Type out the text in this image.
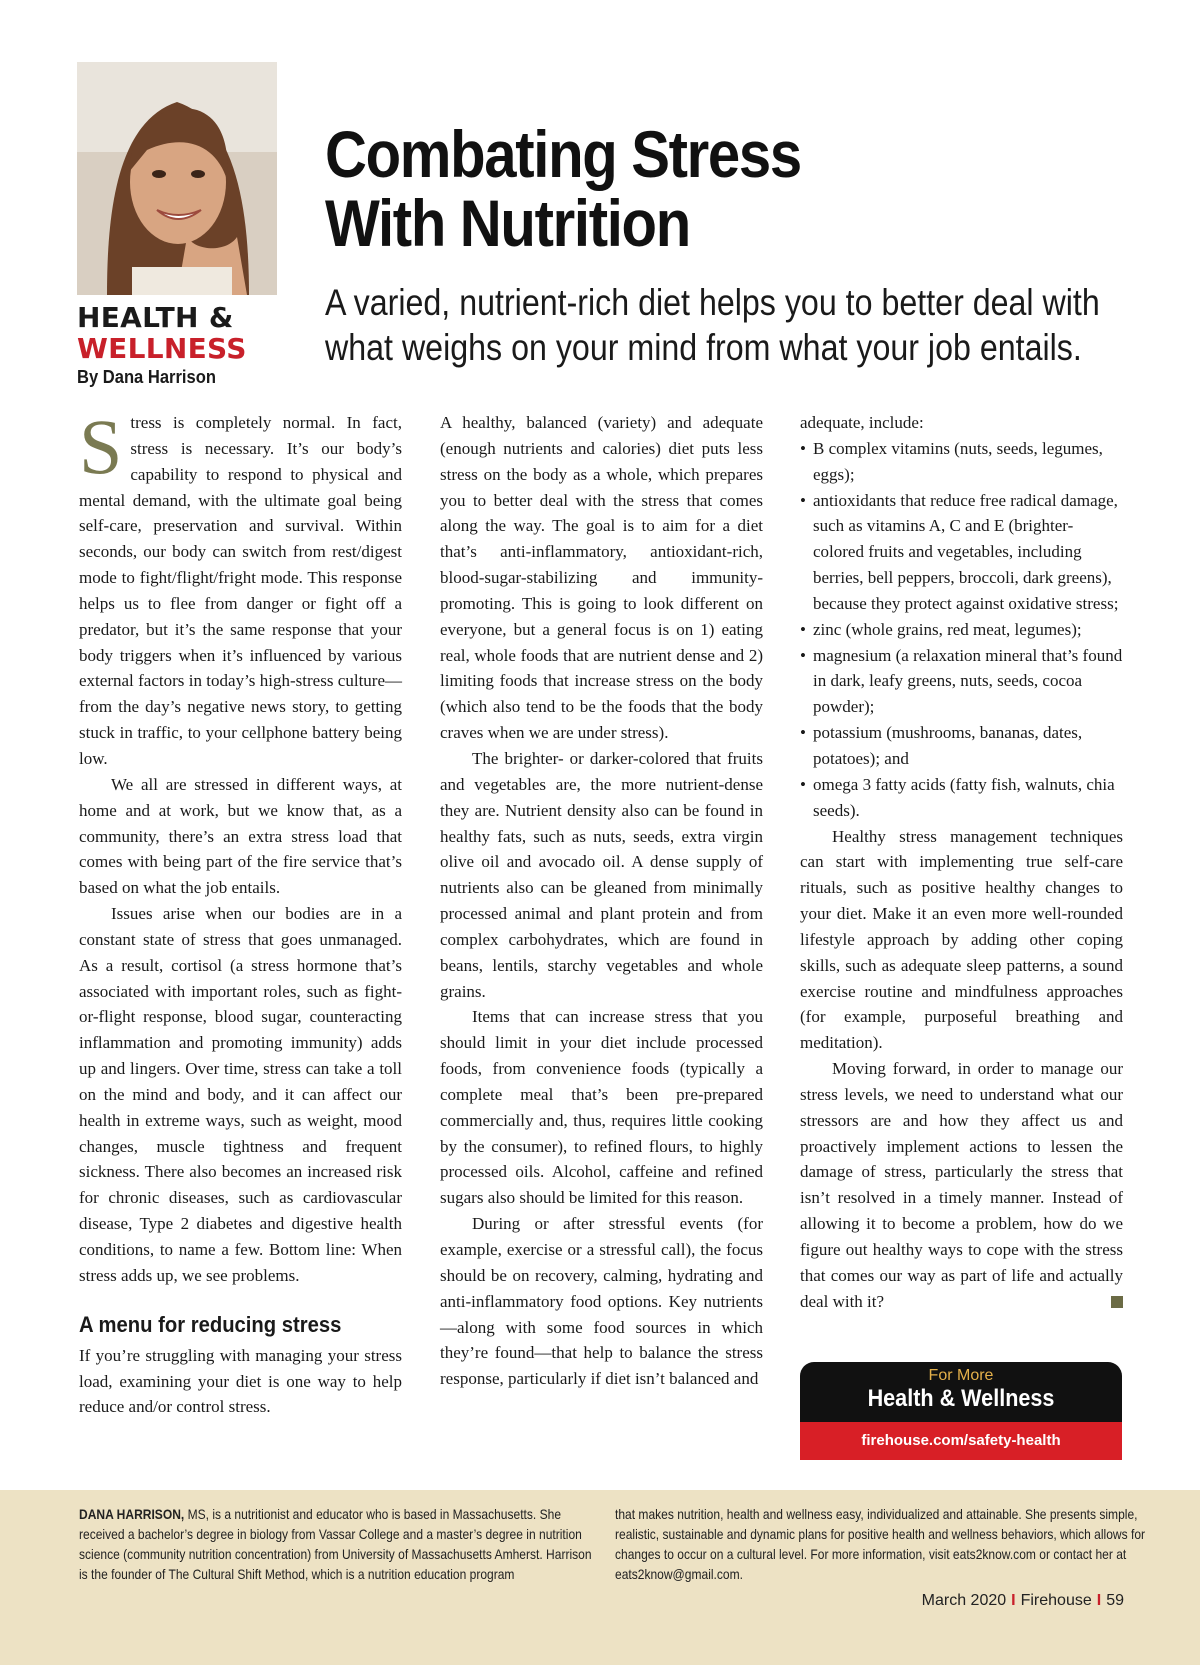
HEALTH &
WELLNESS
By Dana Harrison
Combating Stress
With Nutrition
A varied, nutrient-rich diet helps you to better deal with what weighs on your mind from what your job entails.

Stress is completely normal. In fact, stress is necessary. It’s our body’s capability to respond to physical and mental demand, with the ultimate goal being self-care, preservation and survival. Within seconds, our body can switch from rest/digest mode to fight/flight/fright mode. This response helps us to flee from danger or fight off a predator, but it’s the same response that your body triggers when it’s influenced by various external factors in today’s high-stress culture—from the day’s negative news story, to getting stuck in traffic, to your cellphone battery being low.

We all are stressed in different ways, at home and at work, but we know that, as a community, there’s an extra stress load that comes with being part of the fire service that’s based on what the job entails.

Issues arise when our bodies are in a constant state of stress that goes unmanaged. As a result, cortisol (a stress hormone that’s associated with important roles, such as fight-or-flight response, blood sugar, counteracting inflammation and promoting immunity) adds up and lingers. Over time, stress can take a toll on the mind and body, and it can affect our health in extreme ways, such as weight, mood changes, muscle tightness and frequent sickness. There also becomes an increased risk for chronic diseases, such as cardiovascular disease, Type 2 diabetes and digestive health conditions, to name a few. Bottom line: When stress adds up, we see problems.

A menu for reducing stress

If you’re struggling with managing your stress load, examining your diet is one way to help reduce and/or control stress.

A healthy, balanced (variety) and adequate (enough nutrients and calories) diet puts less stress on the body as a whole, which prepares you to better deal with the stress that comes along the way. The goal is to aim for a diet that’s anti-inflammatory, antioxidant-rich, blood-sugar-stabilizing and immunity-promoting. This is going to look different on everyone, but a general focus is on 1) eating real, whole foods that are nutrient dense and 2) limiting foods that increase stress on the body (which also tend to be the foods that the body craves when we are under stress).

The brighter- or darker-colored that fruits and vegetables are, the more nutrient-dense they are. Nutrient density also can be found in healthy fats, such as nuts, seeds, extra virgin olive oil and avocado oil. A dense supply of nutrients also can be gleaned from minimally processed animal and plant protein and from complex carbohydrates, which are found in beans, lentils, starchy vegetables and whole grains.

Items that can increase stress that you should limit in your diet include processed foods, from convenience foods (typically a complete meal that’s been pre-prepared commercially and, thus, requires little cooking by the consumer), to refined flours, to highly processed oils. Alcohol, caffeine and refined sugars also should be limited for this reason.

During or after stressful events (for example, exercise or a stressful call), the focus should be on recovery, calming, hydrating and anti-inflammatory food options. Key nutrients—along with some food sources in which they’re found—that help to balance the stress response, particularly if diet isn’t balanced and

adequate, include:

• B complex vitamins (nuts, seeds, legumes, eggs);
• antioxidants that reduce free radical damage, such as vitamins A, C and E (brighter-colored fruits and vegetables, including berries, bell peppers, broccoli, dark greens), because they protect against oxidative stress;
• zinc (whole grains, red meat, legumes);
• magnesium (a relaxation mineral that’s found in dark, leafy greens, nuts, seeds, cocoa powder);
• potassium (mushrooms, bananas, dates, potatoes); and
• omega 3 fatty acids (fatty fish, walnuts, chia seeds).

Healthy stress management techniques can start with implementing true self-care rituals, such as positive healthy changes to your diet. Make it an even more well-rounded lifestyle approach by adding other coping skills, such as adequate sleep patterns, a sound exercise routine and mindfulness approaches (for example, purposeful breathing and meditation).

Moving forward, in order to manage our stress levels, we need to understand what our stressors are and how they affect us and proactively implement actions to lessen the damage of stress, particularly the stress that isn’t resolved in a timely manner. Instead of allowing it to become a problem, how do we figure out healthy ways to cope with the stress that comes our way as part of life and actually deal with it?

For More
Health & Wellness
firehouse.com/safety-health
DANA HARRISON, MS, is a nutritionist and educator who is based in Massachusetts. She received a bachelor’s degree in biology from Vassar College and a master’s degree in nutrition science (community nutrition concentration) from University of Massachusetts Amherst. Harrison is the founder of The Cultural Shift Method, which is a nutrition education program
that makes nutrition, health and wellness easy, individualized and attainable. She presents simple, realistic, sustainable and dynamic plans for positive health and wellness behaviors, which allows for changes to occur on a cultural level. For more information, visit eats2know.com or contact her at eats2know@gmail.com.
March 2020 I Firehouse I 59
